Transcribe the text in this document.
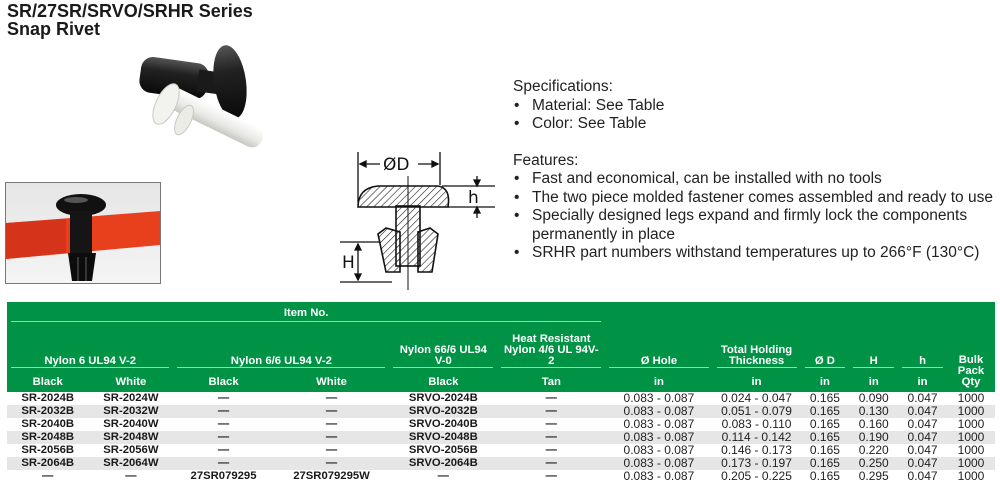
SR/27SR/SRVO/SRHR Series
Snap Rivet
ØD
h
H
Specifications:
• Material: See Table
• Color: See Table
Features:
• Fast and economical, can be installed with no tools
• The two piece molded fastener comes assembled and ready to use
• Specially designed legs expand and firmly lock the components permanently in place
• SRHR part numbers withstand temperatures up to 266°F (130°C)
Item No.											

Nylon 6 UL94 V-2		Nylon 6/6 UL94 V-2		Nylon 66/6 UL94 V-0	Heat Resistant Nylon 4/6 UL 94V-2	Ø Hole	Total Holding Thickness	Ø D	H	h	Bulk Pack Qty
Black	White	Black	White	Black	Tan	in	in	in	in	in	
SR-2024B	SR-2024W	—	—	SRVO-2024B	—	0.083 - 0.087	0.024 - 0.047	0.165	0.090	0.047	1000
SR-2032B	SR-2032W	—	—	SRVO-2032B	—	0.083 - 0.087	0.051 - 0.079	0.165	0.130	0.047	1000
SR-2040B	SR-2040W	—	—	SRVO-2040B	—	0.083 - 0.087	0.083 - 0.110	0.165	0.160	0.047	1000
SR-2048B	SR-2048W	—	—	SRVO-2048B	—	0.083 - 0.087	0.114 - 0.142	0.165	0.190	0.047	1000
SR-2056B	SR-2056W	—	—	SRVO-2056B	—	0.083 - 0.087	0.146 - 0.173	0.165	0.220	0.047	1000
SR-2064B	SR-2064W	—	—	SRVO-2064B	—	0.083 - 0.087	0.173 - 0.197	0.165	0.250	0.047	1000
—	—	27SR079295	27SR079295W	—	—	0.083 - 0.087	0.205 - 0.225	0.165	0.295	0.047	1000
